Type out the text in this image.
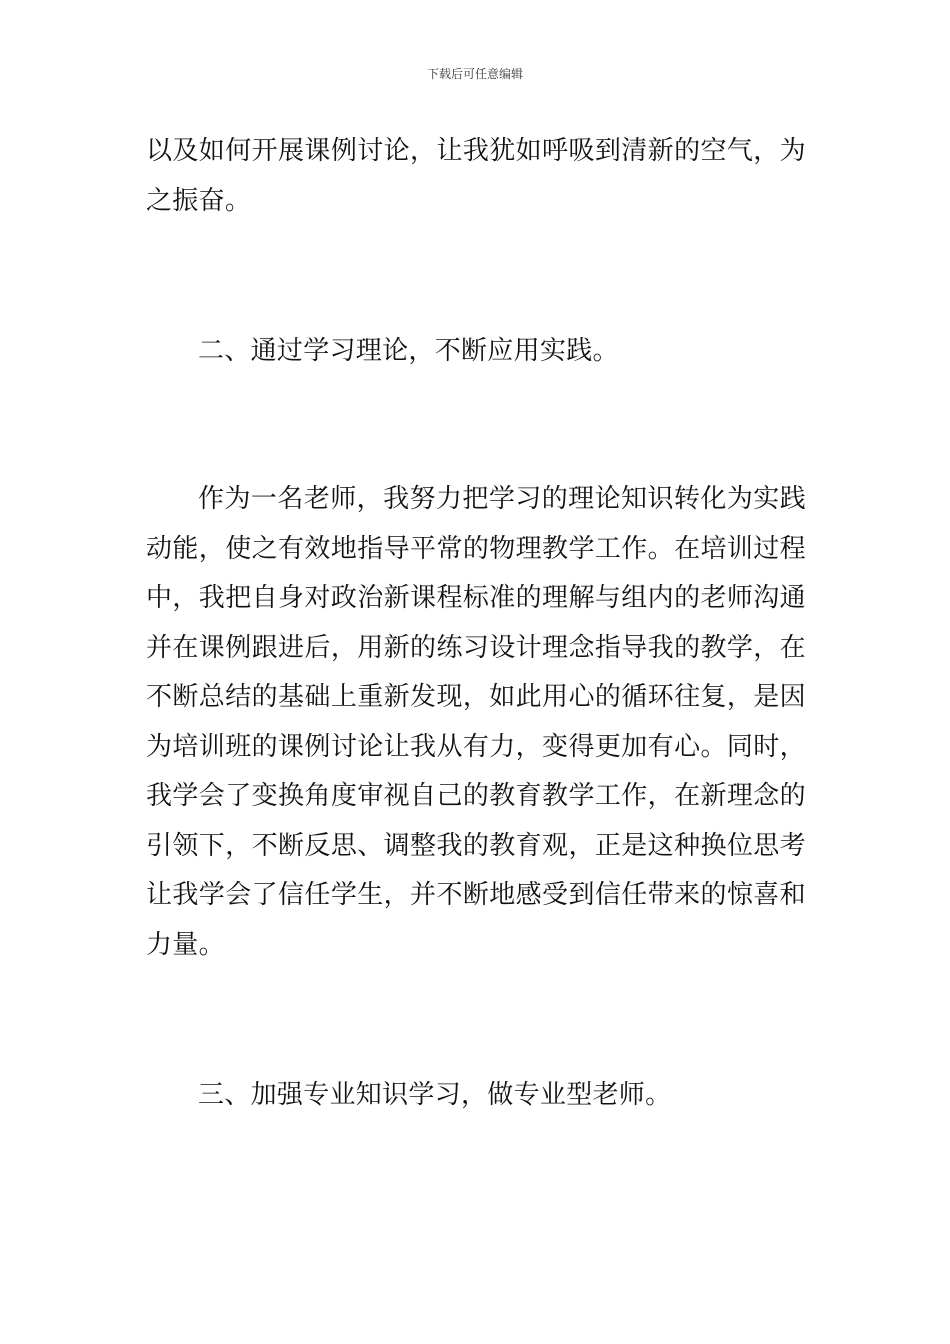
下载后可任意编辑

以及如何开展课例讨论，让我犹如呼吸到清新的空气，为之振奋。

二、通过学习理论，不断应用实践。

作为一名老师，我努力把学习的理论知识转化为实践动能，使之有效地指导平常的物理教学工作。在培训过程中，我把自身对政治新课程标准的理解与组内的老师沟通并在课例跟进后，用新的练习设计理念指导我的教学，在不断总结的基础上重新发现，如此用心的循环往复，是因为培训班的课例讨论让我从有力，变得更加有心。同时，我学会了变换角度审视自己的教育教学工作，在新理念的引领下，不断反思、调整我的教育观，正是这种换位思考让我学会了信任学生，并不断地感受到信任带来的惊喜和力量。

三、加强专业知识学习，做专业型老师。
